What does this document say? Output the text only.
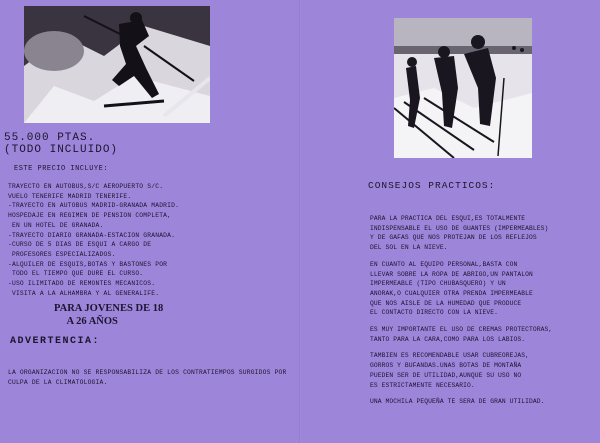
55.000 PTAS.
(TODO INCLUIDO)
ESTE PRECIO INCLUYE:
TRAYECTO EN AUTOBUS,S/C AEROPUERTO S/C.
VUELO TENERIFE MADRID TENERIFE.
-TRAYECTO EN AUTOBUS MADRID-GRANADA MADRID.
HOSPEDAJE EN REGIMEN DE PENSION COMPLETA,
EN UN HOTEL DE GRANADA.
-TRAYECTO DIARIO GRANADA-ESTACION GRANADA.
-CURSO DE 5 DIAS DE ESQUI A CARGO DE
PROFESORES ESPECIALIZADOS.
-ALQUILER DE ESQUIS,BOTAS Y BASTONES POR
TODO EL TIEMPO QUE DURE EL CURSO.
-USO ILIMITADO DE REMONTES MECANICOS.
VISITA A LA ALHAMBRA Y AL GENERALIFE.
PARA JOVENES DE 18
A 26 AÑOS
ADVERTENCIA:
LA ORGANIZACION NO SE RESPONSABILIZA DE LOS CONTRATIEMPOS SURGIDOS POR CULPA DE LA CLIMATOLOGIA.
CONSEJOS PRACTICOS:

PARA LA PRACTICA DEL ESQUI,ES TOTALMENTE
INDISPENSABLE EL USO DE GUANTES (IMPERMEABLES)
Y DE GAFAS QUE NOS PROTEJAN DE LOS REFLEJOS
DEL SOL EN LA NIEVE.

EN CUANTO AL EQUIPO PERSONAL,BASTA CON
LLEVAR SOBRE LA ROPA DE ABRIGO,UN PANTALON
IMPERMEABLE (TIPO CHUBASQUERO) Y UN
ANORAK,O CUALQUIER OTRA PRENDA IMPERMEABLE
QUE NOS AISLE DE LA HUMEDAD QUE PRODUCE
EL CONTACTO DIRECTO CON LA NIEVE.

ES MUY IMPORTANTE EL USO DE CREMAS PROTECTORAS,
TANTO PARA LA CARA,COMO PARA LOS LABIOS.

TAMBIEN ES RECOMENDABLE USAR CUBREOREJAS,
GORROS Y BUFANDAS.UNAS BOTAS DE MONTAÑA
PUEDEN SER DE UTILIDAD,AUNQUE SU USO NO
ES ESTRICTAMENTE NECESARIO.

UNA MOCHILA PEQUEÑA TE SERA DE GRAN UTILIDAD.
